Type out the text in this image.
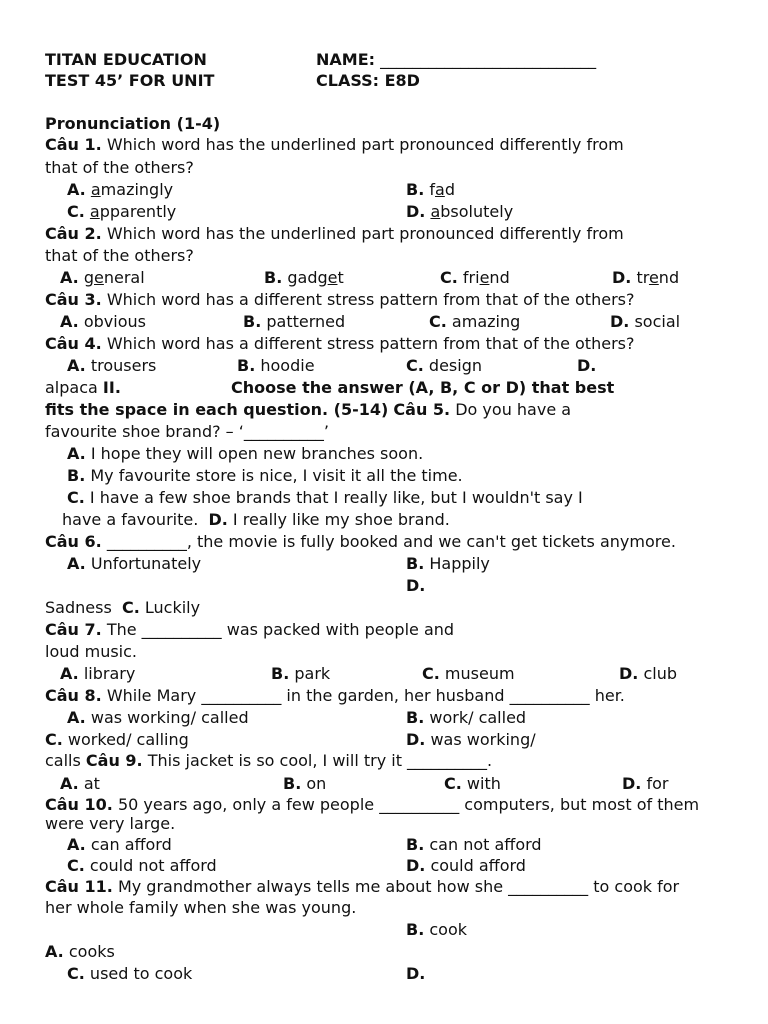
TITAN EDUCATION	NAME: ___________________________
TEST 45’ FOR UNIT	CLASS: E8D
Pronunciation (1-4)
Câu 1. Which word has the underlined part pronounced differently from
that of the others?
A. amazingly	B. fad
C. apparently	D. absolutely
Câu 2. Which word has the underlined part pronounced differently from
that of the others?
A. general	B. gadget	C. friend	D. trend
Câu 3. Which word has a different stress pattern from that of the others?
A. obvious	B. patterned	C. amazing	D. social
Câu 4. Which word has a different stress pattern from that of the others?
A. trousers	B. hoodie	C. design	D.
alpaca II.	Choose the answer (A, B, C or D) that best
fits the space in each question. (5-14) Câu 5. Do you have a
favourite shoe brand? – ‘__________’
A. I hope they will open new branches soon.
B. My favourite store is nice, I visit it all the time.
C. I have a few shoe brands that I really like, but I wouldn't say I
have a favourite. D. I really like my shoe brand.
Câu 6. __________, the movie is fully booked and we can't get tickets anymore.
A. Unfortunately	B. Happily
D.
Sadness C. Luckily
Câu 7. The __________ was packed with people and
loud music.
A. library	B. park	C. museum	D. club
Câu 8. While Mary __________ in the garden, her husband __________ her.
A. was working/ called	B. work/ called
C. worked/ calling	D. was working/
calls Câu 9. This jacket is so cool, I will try it __________.
A. at	B. on	C. with	D. for
Câu 10. 50 years ago, only a few people __________ computers, but most of them
were very large.
A. can afford	B. can not afford
C. could not afford	D. could afford
Câu 11. My grandmother always tells me about how she __________ to cook for
her whole family when she was young.
B. cook
A. cooks
C. used to cook	D.
